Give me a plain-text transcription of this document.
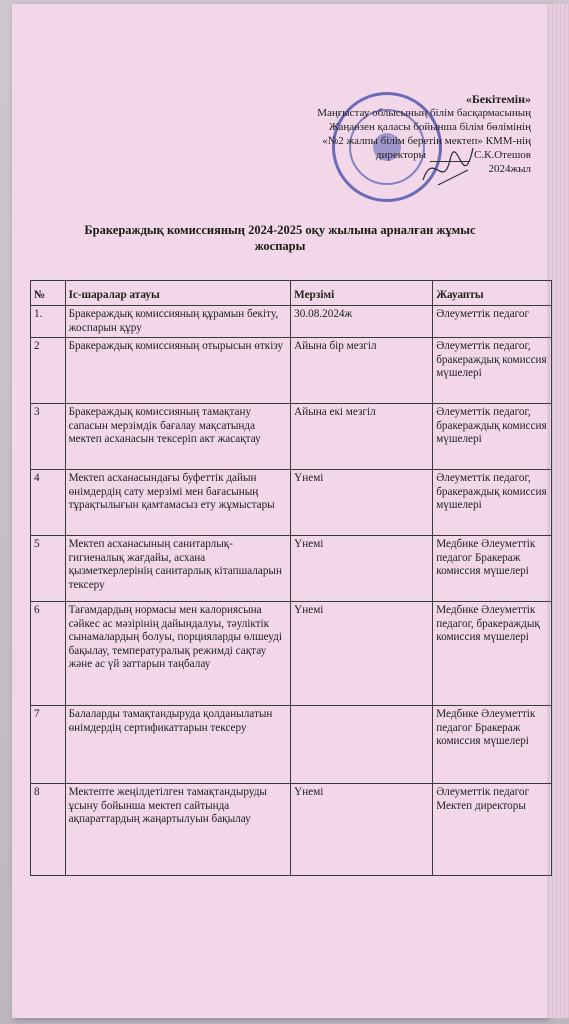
«Бекітемін»
Маңғыстау облысының білім басқармасының
Жаңаөзен қаласы бойынша білім бөлімінің
«№2 жалпы білім беретін мектеп» КММ-нің
директоры	С.К.Отешов
2024жыл
Бракераждық комиссияның 2024-2025 оқу жылына арналған жұмыс жоспары
№	Іс-шаралар атауы	Мерзімі	Жауапты
1.	Бракераждық комиссияның құрамын бекіту, жоспарын құру	30.08.2024ж	Әлеуметтік педагог
2	Бракераждық комиссияның отырысын өткізу	Айына бір мезгіл	Әлеуметтік педагог, бракераждық комиссия мүшелері
3	Бракераждық комиссияның тамақтану сапасын мерзімдік бағалау мақсатында мектеп асханасын тексеріп акт жасақтау	Айына екі мезгіл	Әлеуметтік педагог, бракераждық комиссия мүшелері
4	Мектеп асханасындағы буфеттік дайын өнімдердің сату мерзімі мен бағасының тұрақтылығын қамтамасыз ету жұмыстары	Үнемі	Әлеуметтік педагог, бракераждық комиссия мүшелері
5	Мектеп асханасының санитарлық-гигиеналық жағдайы, асхана қызметкерлерінің санитарлық кітапшаларын тексеру	Үнемі	Медбике Әлеуметтік педагог Бракераж комиссия мүшелері
6	Тағамдардың нормасы мен калориясына сәйкес ас мәзірінің дайындалуы, тәуліктік сынамалардың болуы, порцияларды өлшеуді бақылау, температуралық режимді сақтау және ас үй заттарын таңбалау	Үнемі	Медбике Әлеуметтік педагог, бракераждық комиссия мүшелері
7	Балаларды тамақтандыруда қолданылатын өнімдердің сертификаттарын тексеру		Медбике Әлеуметтік педагог Бракераж комиссия мүшелері
8	Мектепте жеңілдетілген тамақтандыруды ұсыну бойынша мектеп сайтында ақпараттардың жаңартылуын бақылау	Үнемі	Әлеуметтік педагог Мектеп директоры
